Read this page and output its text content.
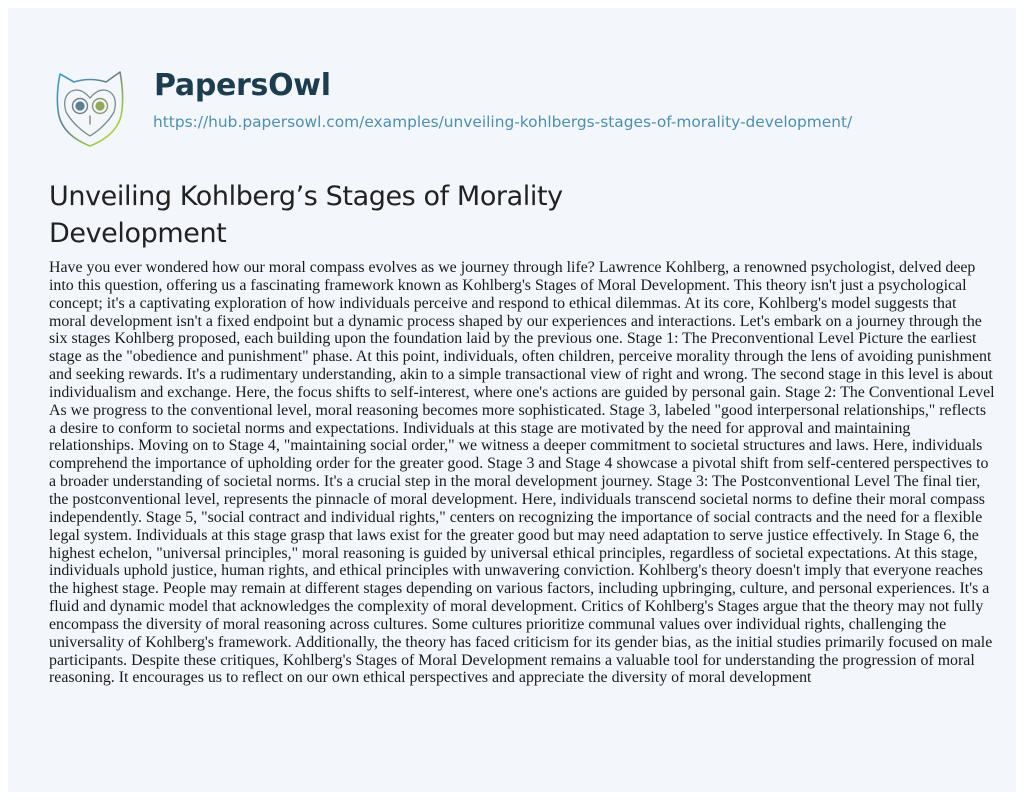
PapersOwl
https://hub.papersowl.com/examples/unveiling-kohlbergs-stages-of-morality-development/
Unveiling Kohlberg’s Stages of Morality Development

Have you ever wondered how our moral compass evolves as we journey through life? Lawrence Kohlberg, a renowned psychologist, delved deep into this question, offering us a fascinating framework known as Kohlberg's Stages of Moral Development. This theory isn't just a psychological concept; it's a captivating exploration of how individuals perceive and respond to ethical dilemmas. At its core, Kohlberg's model suggests that moral development isn't a fixed endpoint but a dynamic process shaped by our experiences and interactions. Let's embark on a journey through the six stages Kohlberg proposed, each building upon the foundation laid by the previous one. Stage 1: The Preconventional Level Picture the earliest stage as the "obedience and punishment" phase. At this point, individuals, often children, perceive morality through the lens of avoiding punishment and seeking rewards. It's a rudimentary understanding, akin to a simple transactional view of right and wrong. The second stage in this level is about individualism and exchange. Here, the focus shifts to self-interest, where one's actions are guided by personal gain. Stage 2: The Conventional Level As we progress to the conventional level, moral reasoning becomes more sophisticated. Stage 3, labeled "good interpersonal relationships," reflects a desire to conform to societal norms and expectations. Individuals at this stage are motivated by the need for approval and maintaining relationships. Moving on to Stage 4, "maintaining social order," we witness a deeper commitment to societal structures and laws. Here, individuals comprehend the importance of upholding order for the greater good. Stage 3 and Stage 4 showcase a pivotal shift from self-centered perspectives to a broader understanding of societal norms. It's a crucial step in the moral development journey. Stage 3: The Postconventional Level The final tier, the postconventional level, represents the pinnacle of moral development. Here, individuals transcend societal norms to define their moral compass independently. Stage 5, "social contract and individual rights," centers on recognizing the importance of social contracts and the need for a flexible legal system. Individuals at this stage grasp that laws exist for the greater good but may need adaptation to serve justice effectively. In Stage 6, the highest echelon, "universal principles," moral reasoning is guided by universal ethical principles, regardless of societal expectations. At this stage, individuals uphold justice, human rights, and ethical principles with unwavering conviction. Kohlberg's theory doesn't imply that everyone reaches the highest stage. People may remain at different stages depending on various factors, including upbringing, culture, and personal experiences. It's a fluid and dynamic model that acknowledges the complexity of moral development. Critics of Kohlberg's Stages argue that the theory may not fully encompass the diversity of moral reasoning across cultures. Some cultures prioritize communal values over individual rights, challenging the universality of Kohlberg's framework. Additionally, the theory has faced criticism for its gender bias, as the initial studies primarily focused on male participants. Despite these critiques, Kohlberg's Stages of Moral Development remains a valuable tool for understanding the progression of moral reasoning. It encourages us to reflect on our own ethical perspectives and appreciate the diversity of moral development
